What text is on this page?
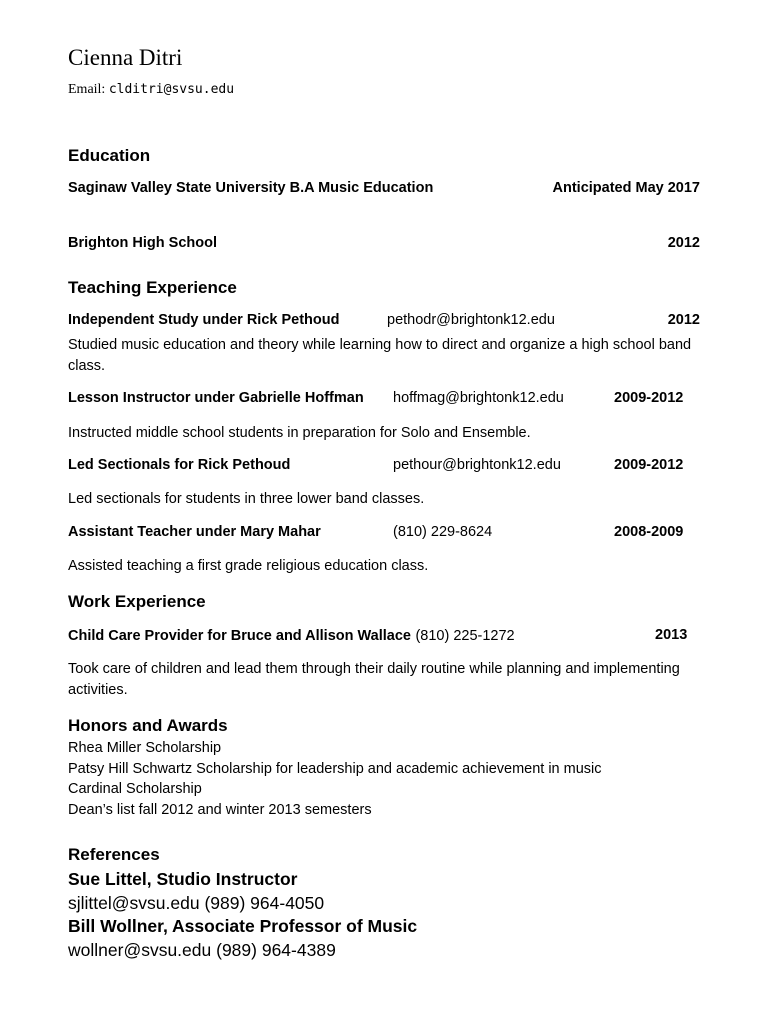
Cienna Ditri
Email: clditri@svsu.edu
Education
Saginaw Valley State University B.A Music Education	Anticipated May 2017
Brighton High School	2012
Teaching Experience
Independent Study under Rick Pethoud	pethodr@brightonk12.edu	2012
Studied music education and theory while learning how to direct and organize a high school band class.
Lesson Instructor under Gabrielle Hoffman hoffmag@brightonk12.edu	2009-2012
Instructed middle school students in preparation for Solo and Ensemble.
Led Sectionals for Rick Pethoud	pethour@brightonk12.edu	2009-2012
Led sectionals for students in three lower band classes.
Assistant Teacher under Mary Mahar	(810) 229-8624	2008-2009
Assisted teaching a first grade religious education class.
Work Experience
Child Care Provider for Bruce and Allison Wallace (810) 225-1272	2013
Took care of children and lead them through their daily routine while planning and implementing activities.
Honors and Awards
Rhea Miller Scholarship
Patsy Hill Schwartz Scholarship for leadership and academic achievement in music
Cardinal Scholarship
Dean’s list fall 2012 and winter 2013 semesters
References
Sue Littel, Studio Instructor
sjlittel@svsu.edu (989) 964-4050
Bill Wollner, Associate Professor of Music
wollner@svsu.edu (989) 964-4389
